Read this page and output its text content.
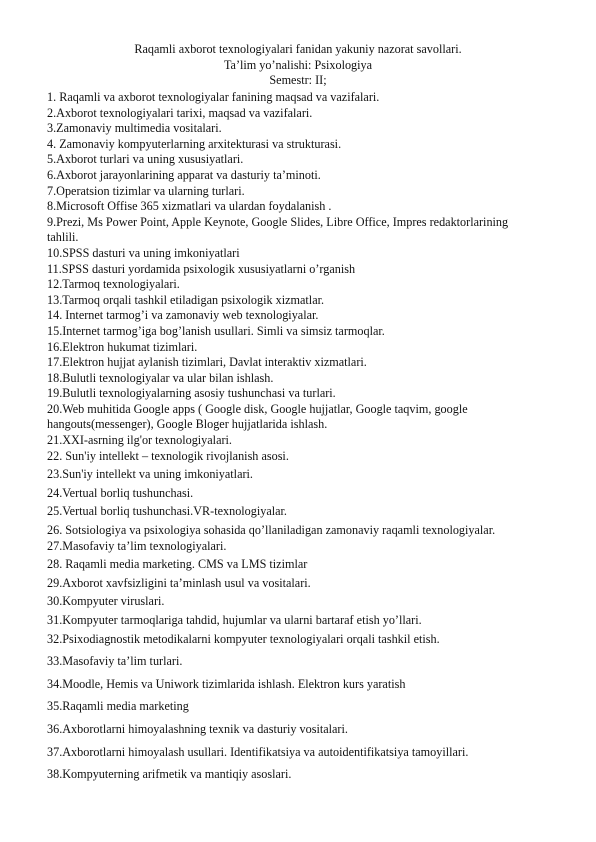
Raqamli axborot texnologiyalari fanidan yakuniy nazorat savollari.
Ta’lim yo’nalishi: Psixologiya
Semestr: II;
1. Raqamli va axborot texnologiyalar fanining maqsad va vazifalari.
2.Axborot texnologiyalari tarixi, maqsad va vazifalari.
3.Zamonaviy multimedia vositalari.
4. Zamonaviy kompyuterlarning arxitekturasi va strukturasi.
5.Axborot turlari va uning xususiyatlari.
6.Axborot jarayonlarining apparat va dasturiy ta’minoti.
7.Operatsion tizimlar va ularning turlari.
8.Microsoft Offise 365 xizmatlari va ulardan foydalanish .
9.Prezi, Ms Power Point, Apple Keynote, Google Slides, Libre Office, Impres redaktorlarining tahlili.
10.SPSS dasturi va uning imkoniyatlari
11.SPSS dasturi yordamida psixologik xususiyatlarni o’rganish
12.Tarmoq texnologiyalari.
13.Tarmoq orqali tashkil etiladigan psixologik xizmatlar.
14. Internet tarmog’i va zamonaviy web texnologiyalar.
15.Internet tarmog’iga bog’lanish usullari. Simli va simsiz tarmoqlar.
16.Elektron hukumat tizimlari.
17.Elektron hujjat aylanish tizimlari, Davlat interaktiv xizmatlari.
18.Bulutli texnologiyalar va ular bilan ishlash.
19.Bulutli texnologiyalarning asosiy tushunchasi va turlari.
20.Web muhitida Google apps ( Google disk, Google hujjatlar, Google taqvim, google hangouts(messenger), Google Bloger hujjatlarida ishlash.
21.XXI-asrning ilg'or texnologiyalari.
22. Sun'iy intellekt – texnologik rivojlanish asosi.
23.Sun'iy intellekt va uning imkoniyatlari.
24.Vertual borliq tushunchasi.
25.Vertual borliq tushunchasi.VR-texnologiyalar.
26. Sotsiologiya va psixologiya sohasida qo’llaniladigan zamonaviy raqamli texnologiyalar.
27.Masofaviy ta’lim texnologiyalari.
28. Raqamli media marketing. CMS va LMS tizimlar
29.Axborot xavfsizligini ta’minlash usul va vositalari.
30.Kompyuter viruslari.
31.Kompyuter tarmoqlariga tahdid, hujumlar va ularni bartaraf etish yo’llari.
32.Psixodiagnostik metodikalarni kompyuter texnologiyalari orqali tashkil etish.
33.Masofaviy ta’lim turlari.
34.Moodle, Hemis va Uniwork tizimlarida ishlash. Elektron kurs yaratish
35.Raqamli media marketing
36.Axborotlarni himoyalashning texnik va dasturiy vositalari.
37.Axborotlarni himoyalash usullari. Identifikatsiya va autoidentifikatsiya tamoyillari.
38.Kompyuterning arifmetik va mantiqiy asoslari.
